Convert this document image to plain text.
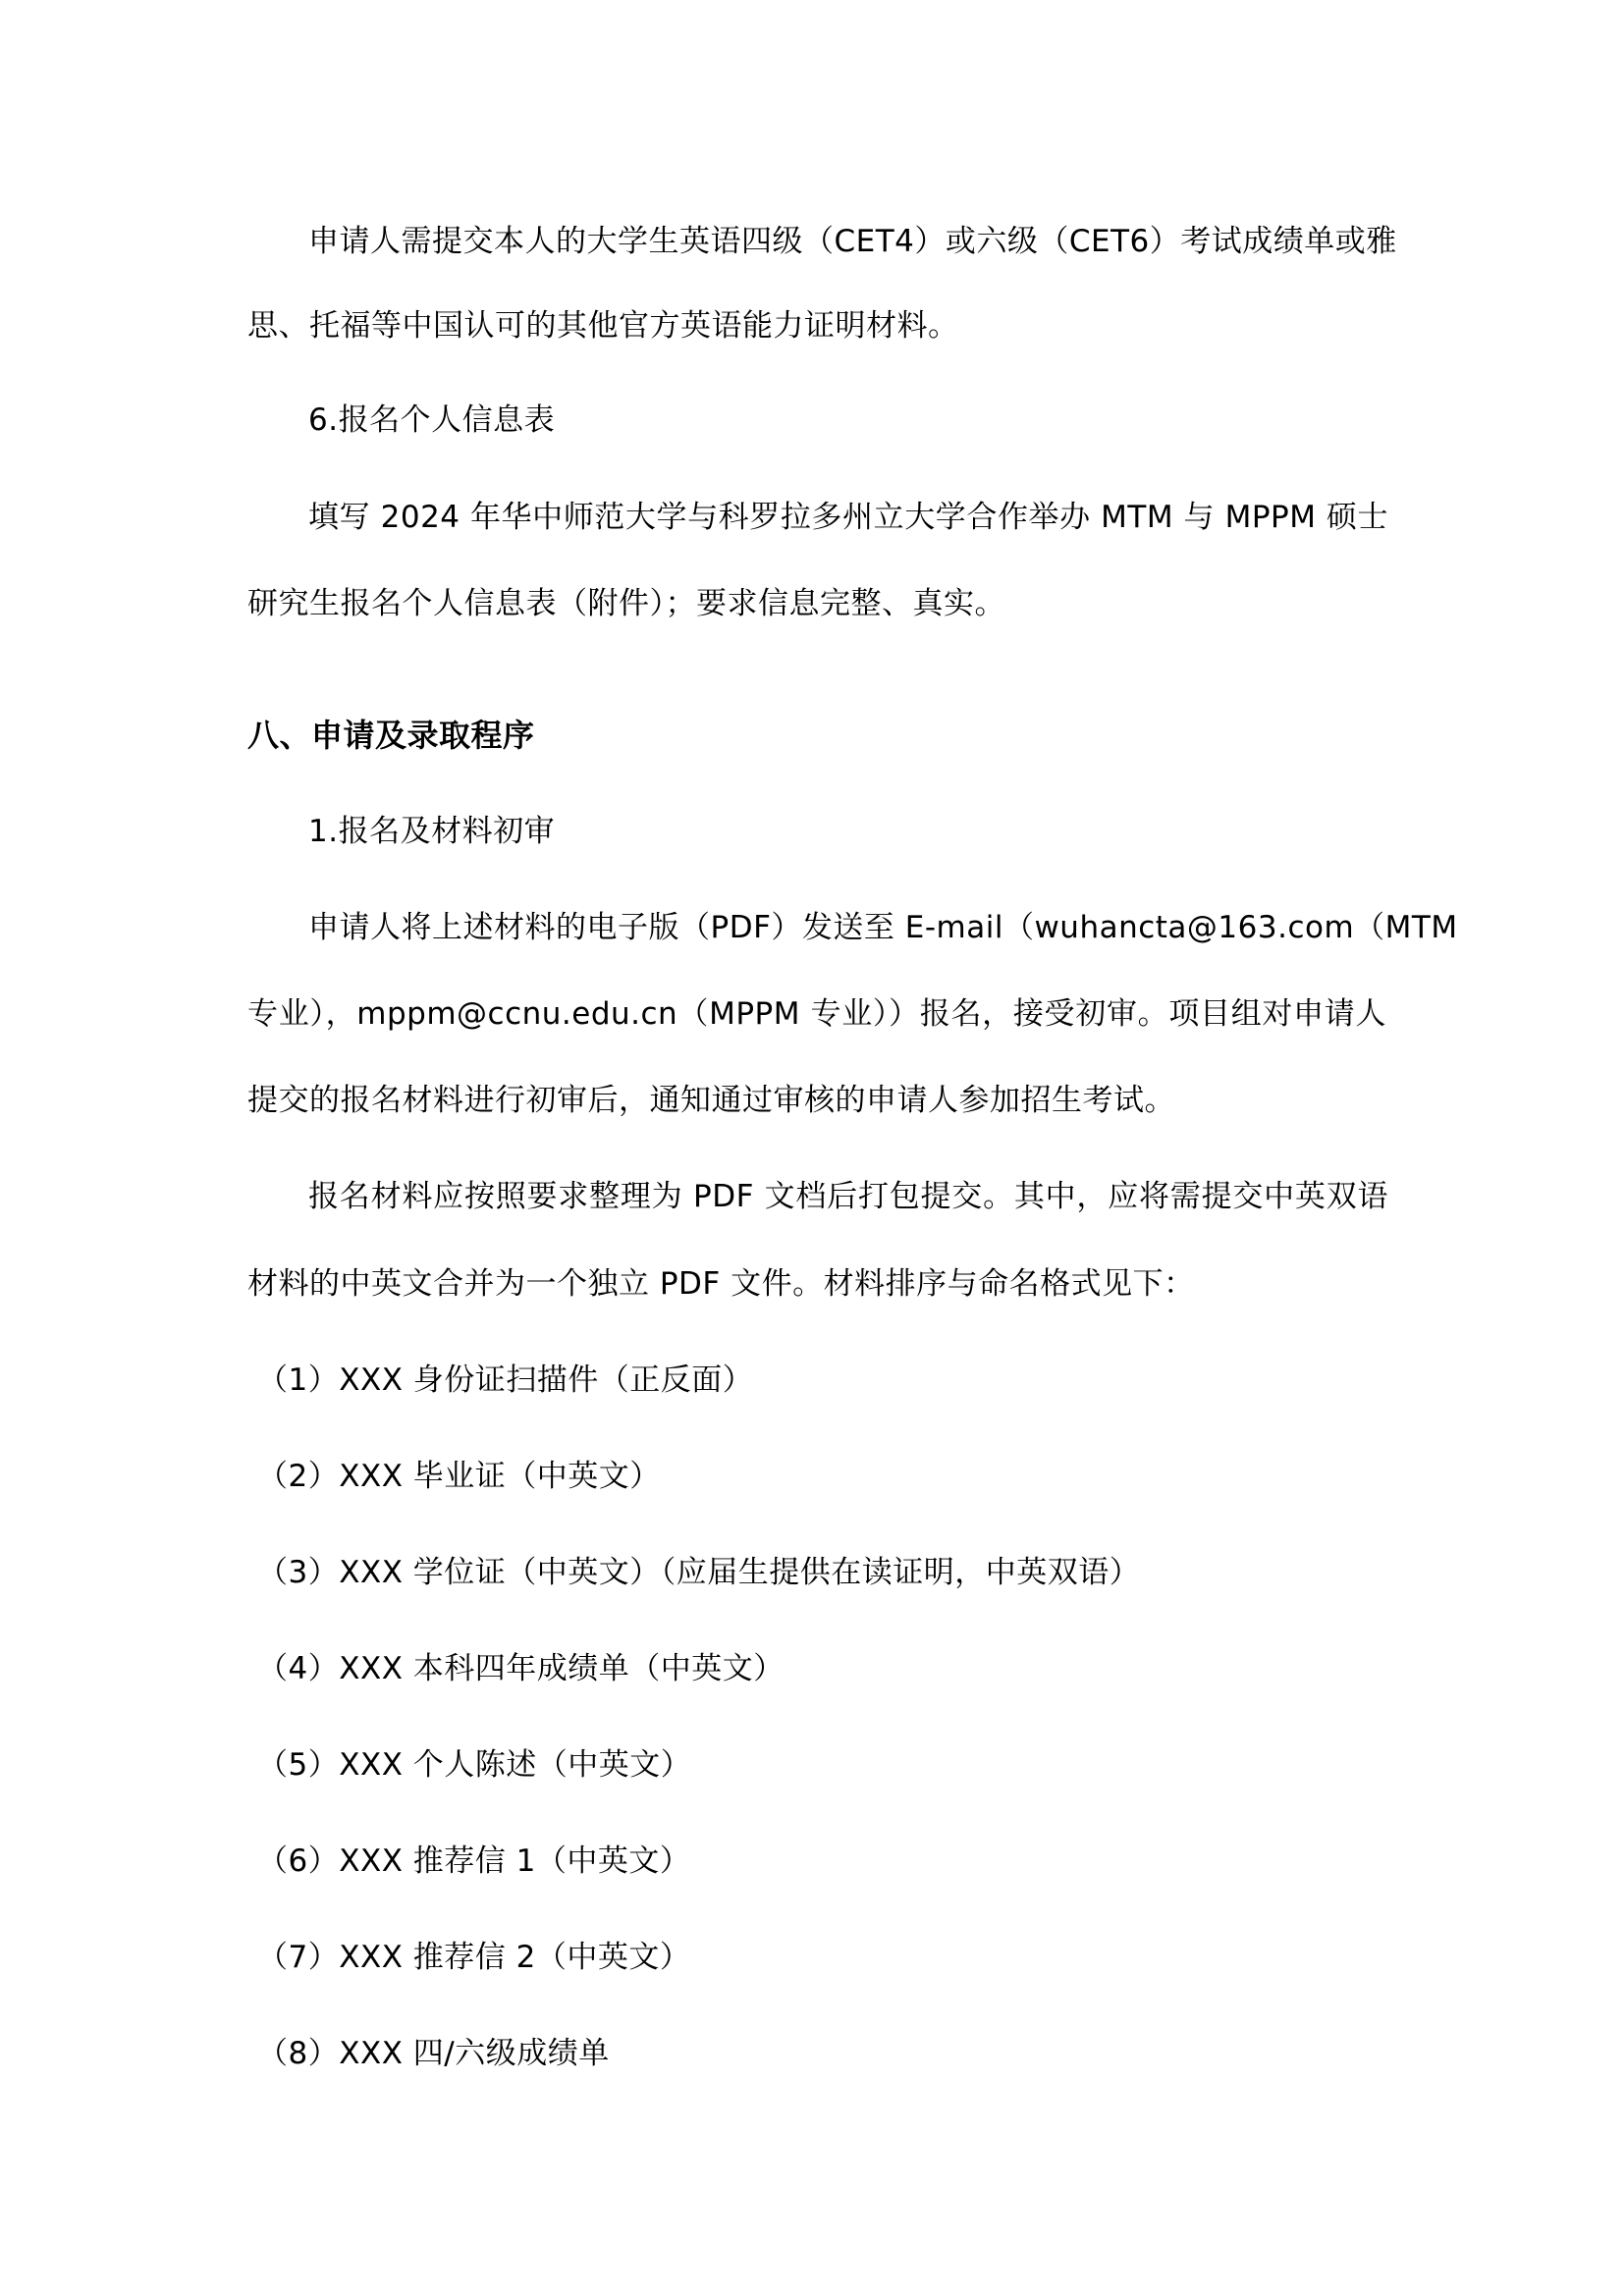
申请人需提交本人的大学生英语四级（CET4）或六级（CET6）考试成绩单或雅
思、托福等中国认可的其他官方英语能力证明材料。
6.报名个人信息表
填写 2024 年华中师范大学与科罗拉多州立大学合作举办 MTM 与 MPPM 硕士
研究生报名个人信息表（附件）；要求信息完整、真实。
八、申请及录取程序
1.报名及材料初审
申请人将上述材料的电子版（PDF）发送至 E-mail（wuhancta@163.com（MTM
专业），mppm@ccnu.edu.cn（MPPM 专业））报名，接受初审。项目组对申请人
提交的报名材料进行初审后，通知通过审核的申请人参加招生考试。
报名材料应按照要求整理为 PDF 文档后打包提交。其中，应将需提交中英双语
材料的中英文合并为一个独立 PDF 文件。材料排序与命名格式见下：
（1）XXX 身份证扫描件（正反面）
（2）XXX 毕业证（中英文）
（3）XXX 学位证（中英文）（应届生提供在读证明，中英双语）
（4）XXX 本科四年成绩单（中英文）
（5）XXX 个人陈述（中英文）
（6）XXX 推荐信 1（中英文）
（7）XXX 推荐信 2（中英文）
（8）XXX 四/六级成绩单
